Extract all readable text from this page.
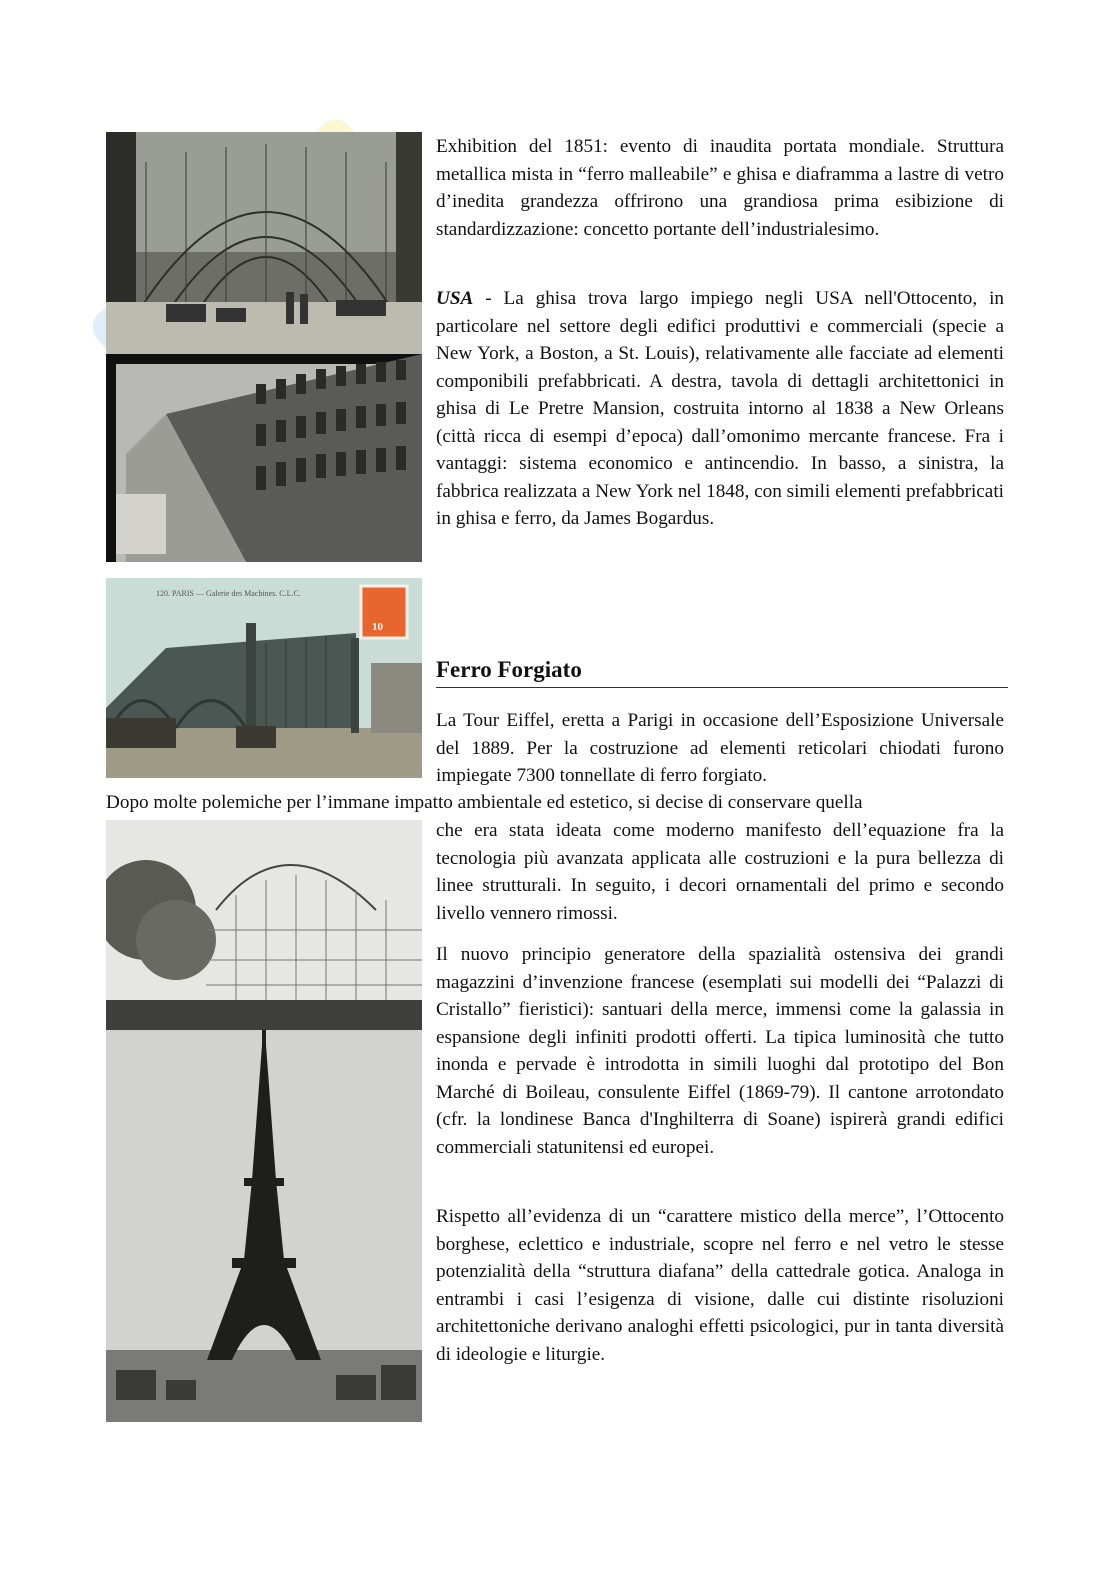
120. PARIS — Galerie des Machines. C.L.C.
10

Exhibition del 1851: evento di inaudita portata mondiale. Struttura metallica mista in “ferro malleabile” e ghisa e diaframma a lastre di vetro d’inedita grandezza offrirono una grandiosa prima esibizione di standardizzazione: concetto portante dell’industrialesimo.

USA - La ghisa trova largo impiego negli USA nell'Ottocento, in particolare nel settore degli edifici produttivi e commerciali (specie a New York, a Boston, a St. Louis), relativamente alle facciate ad elementi componibili prefabbricati. A destra, tavola di dettagli architettonici in ghisa di Le Pretre Mansion, costruita intorno al 1838 a New Orleans (città ricca di esempi d’epoca) dall’omonimo mercante francese. Fra i vantaggi: sistema economico e antincendio. In basso, a sinistra, la fabbrica realizzata a New York nel 1848, con simili elementi prefabbricati in ghisa e ferro, da James Bogardus.

Ferro Forgiato

La Tour Eiffel, eretta a Parigi in occasione dell’Esposizione Universale del 1889. Per la costruzione ad elementi reticolari chiodati furono impiegate 7300 tonnellate di ferro forgiato.

Dopo molte polemiche per l’immane impatto ambientale ed estetico, si decise di conservare quella

che era stata ideata come moderno manifesto dell’equazione fra la tecnologia più avanzata applicata alle costruzioni e la pura bellezza di linee strutturali. In seguito, i decori ornamentali del primo e secondo livello vennero rimossi.

Il nuovo principio generatore della spazialità ostensiva dei grandi magazzini d’invenzione francese (esemplati sui modelli dei “Palazzi di Cristallo” fieristici): santuari della merce, immensi come la galassia in espansione degli infiniti prodotti offerti. La tipica luminosità che tutto inonda e pervade è introdotta in simili luoghi dal prototipo del Bon Marché di Boileau, consulente Eiffel (1869-79). Il cantone arrotondato (cfr. la londinese Banca d'Inghilterra di Soane) ispirerà grandi edifici commerciali statunitensi ed europei.

Rispetto all’evidenza di un “carattere mistico della merce”, l’Ottocento borghese, eclettico e industriale, scopre nel ferro e nel vetro le stesse potenzialità della “struttura diafana” della cattedrale gotica. Analoga in entrambi i casi l’esigenza di visione, dalle cui distinte risoluzioni architettoniche derivano analoghi effetti psicologici, pur in tanta diversità di ideologie e liturgie.
